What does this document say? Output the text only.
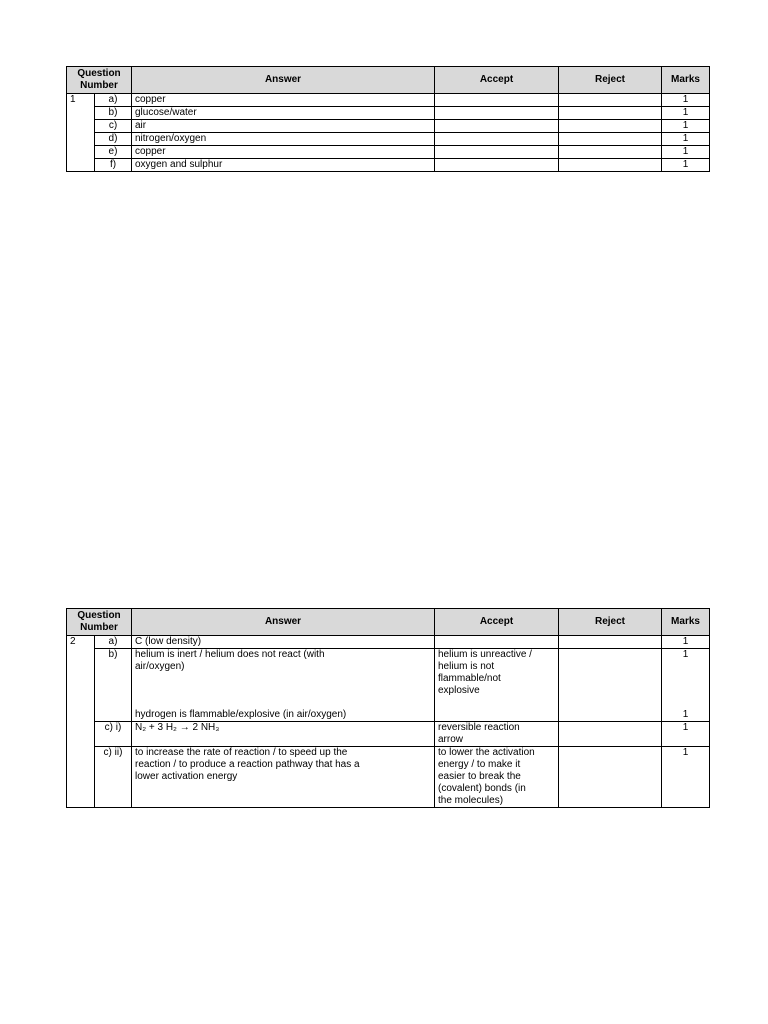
Question Number		Answer	Accept	Reject	Marks
1	a)	copper			1
	b)	glucose/water			1
	c)	air			1
	d)	nitrogen/oxygen			1
	e)	copper			1
	f)	oxygen and sulphur			1
Question Number		Answer	Accept	Reject	Marks
2	a)	C (low density)			1
	b)	helium is inert / helium does not react (with air/oxygen)	helium is unreactive / helium is not flammable/not explosive		1
		hydrogen is flammable/explosive (in air/oxygen)			1
	c) i)	N₂ + 3 H₂ → 2 NH₃	reversible reaction arrow		1
	c) ii)	to increase the rate of reaction / to speed up the reaction / to produce a reaction pathway that has a lower activation energy	to lower the activation energy / to make it easier to break the (covalent) bonds (in the molecules)		1
